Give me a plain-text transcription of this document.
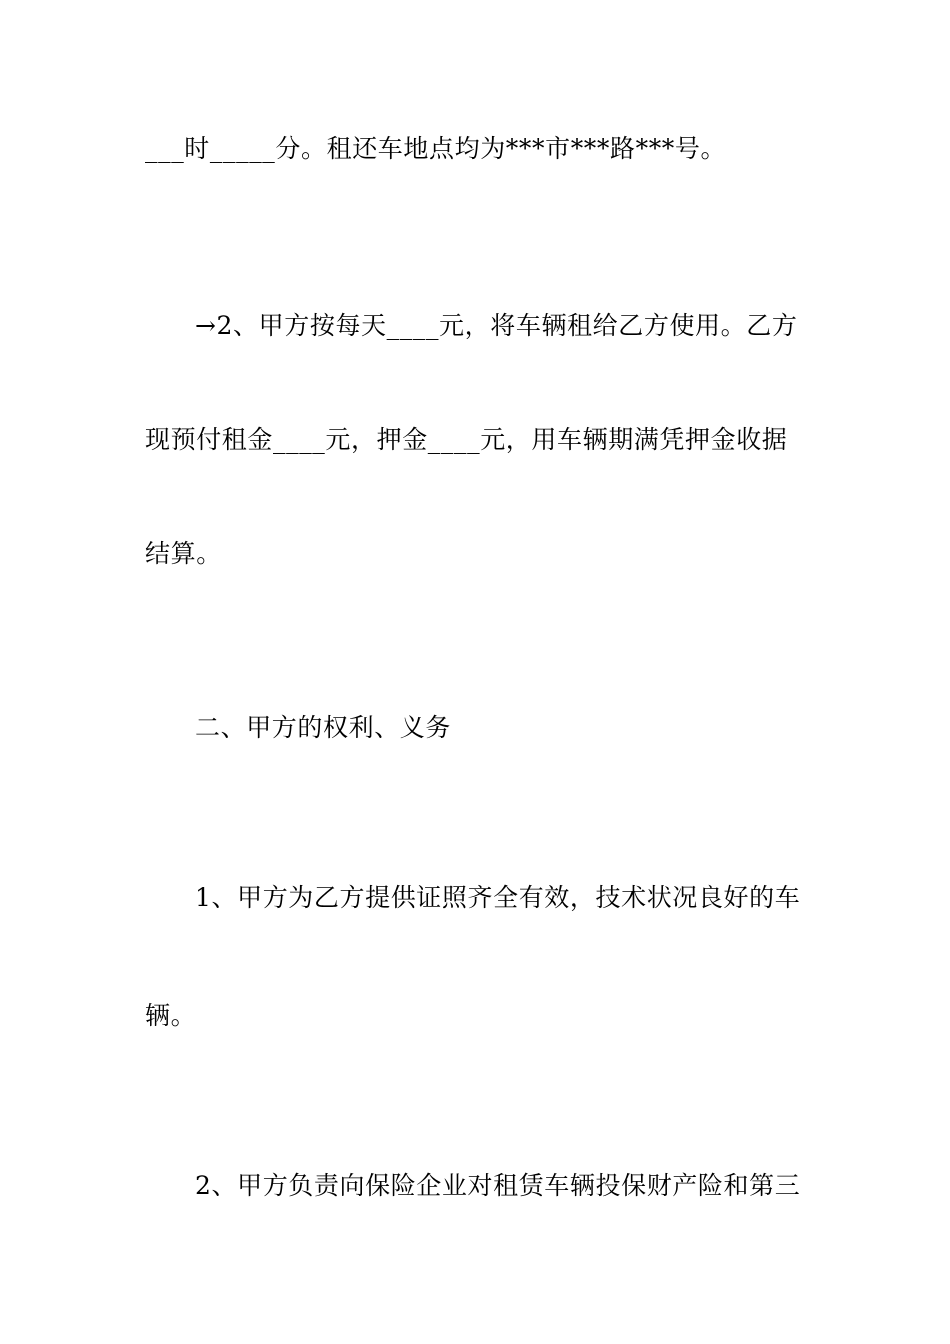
___时_____分。租还车地点均为***市***路***号。
→2、甲方按每天____元，将车辆租给乙方使用。乙方
现预付租金____元，押金____元，用车辆期满凭押金收据
结算。
二、甲方的权利、义务
1、甲方为乙方提供证照齐全有效，技术状况良好的车
辆。
2、甲方负责向保险企业对租赁车辆投保财产险和第三
